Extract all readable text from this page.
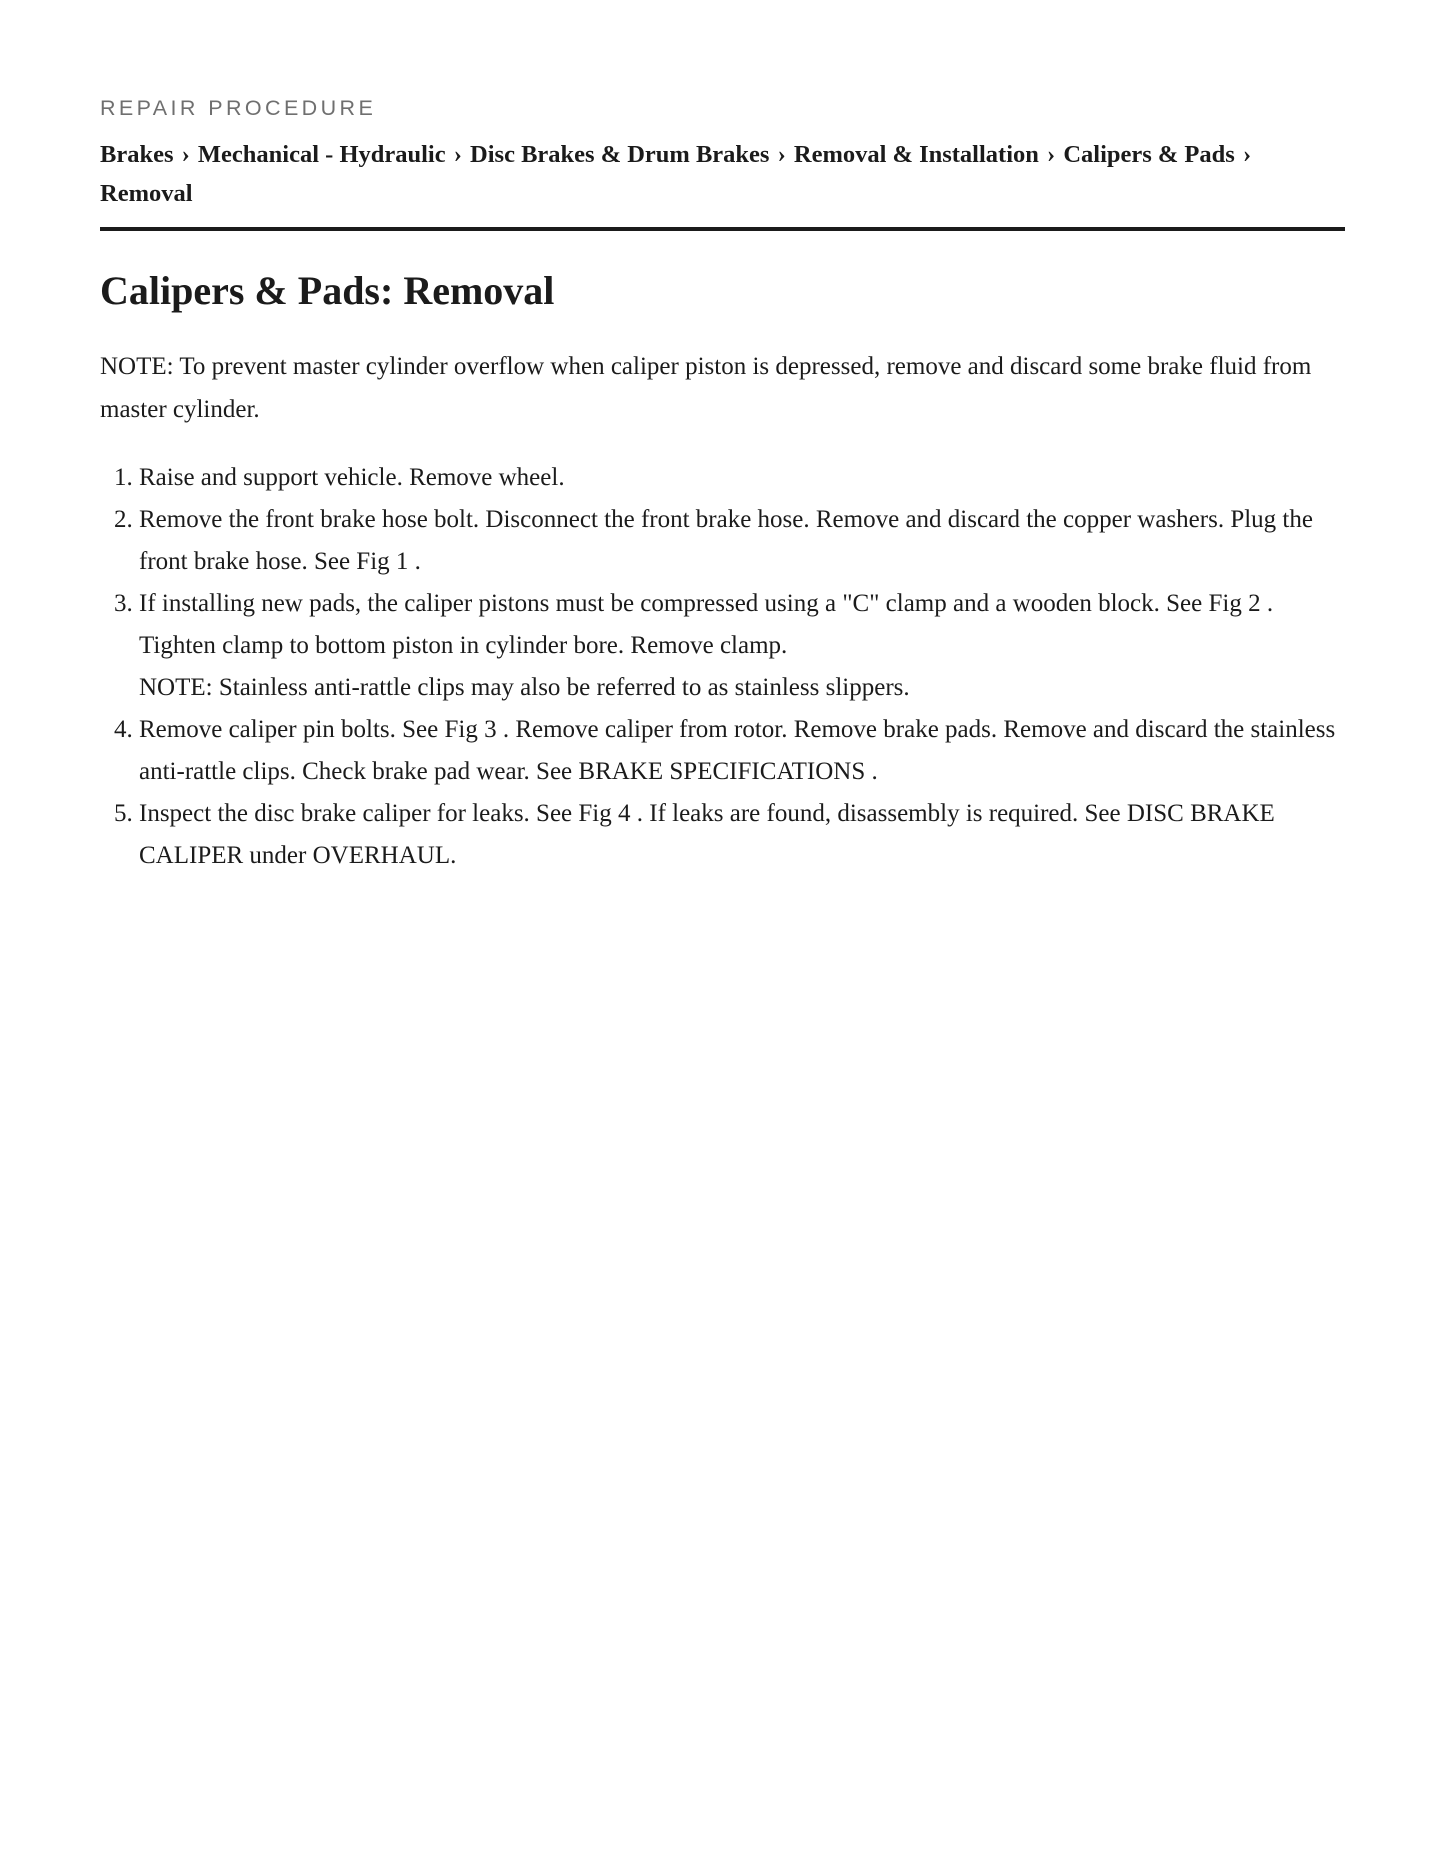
REPAIR PROCEDURE
Brakes › Mechanical - Hydraulic › Disc Brakes & Drum Brakes › Removal & Installation › Calipers & Pads › Removal
Calipers & Pads: Removal

NOTE: To prevent master cylinder overflow when caliper piston is depressed, remove and discard some brake fluid from master cylinder.

1. Raise and support vehicle. Remove wheel.
2. Remove the front brake hose bolt. Disconnect the front brake hose. Remove and discard the copper washers. Plug the front brake hose. See Fig 1 .
3. If installing new pads, the caliper pistons must be compressed using a "C" clamp and a wooden block. See Fig 2 . Tighten clamp to bottom piston in cylinder bore. Remove clamp.
NOTE: Stainless anti-rattle clips may also be referred to as stainless slippers.
4. Remove caliper pin bolts. See Fig 3 . Remove caliper from rotor. Remove brake pads. Remove and discard the stainless anti-rattle clips. Check brake pad wear. See BRAKE SPECIFICATIONS .
5. Inspect the disc brake caliper for leaks. See Fig 4 . If leaks are found, disassembly is required. See DISC BRAKE CALIPER under OVERHAUL.
